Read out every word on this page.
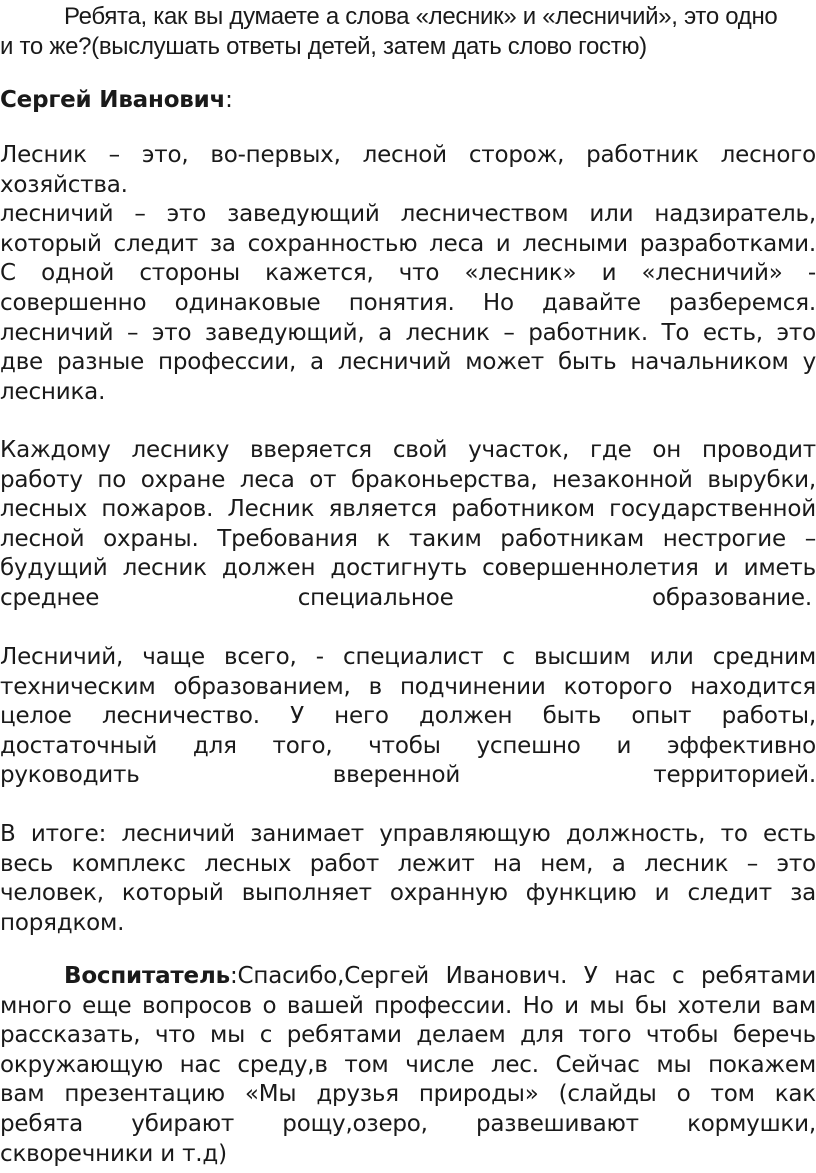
Ребята, как вы думаете а слова «лесник» и «лесничий», это одно
и то же?(выслушать ответы детей, затем дать слово гостю)
Сергей Иванович:
Лесник – это, во-первых, лесной сторож, работник лесного
хозяйства.
лесничий – это заведующий лесничеством или надзиратель,
который следит за сохранностью леса и лесными разработками.
С одной стороны кажется, что «лесник» и «лесничий» -
совершенно одинаковые понятия. Но давайте разберемся.
лесничий – это заведующий, а лесник – работник. То есть, это
две разные профессии, а лесничий может быть начальником у
лесника.
Каждому леснику вверяется свой участок, где он проводит
работу по охране леса от браконьерства, незаконной вырубки,
лесных пожаров. Лесник является работником государственной
лесной охраны. Требования к таким работникам нестрогие –
будущий лесник должен достигнуть совершеннолетия и иметь
среднее специальное образование.
Лесничий, чаще всего, - специалист с высшим или средним
техническим образованием, в подчинении которого находится
целое лесничество. У него должен быть опыт работы,
достаточный для того, чтобы успешно и эффективно
руководить вверенной территорией.
В итоге: лесничий занимает управляющую должность, то есть
весь комплекс лесных работ лежит на нем, а лесник – это
человек, который выполняет охранную функцию и следит за
порядком.
Воспитатель:Спасибо,Сергей Иванович. У нас с ребятами
много еще вопросов о вашей профессии. Но и мы бы хотели вам
рассказать, что мы с ребятами делаем для того чтобы беречь
окружающую нас среду,в том числе лес. Сейчас мы покажем
вам презентацию «Мы друзья природы» (слайды о том как
ребята убирают рощу,озеро, развешивают кормушки,
скворечники и т.д)
